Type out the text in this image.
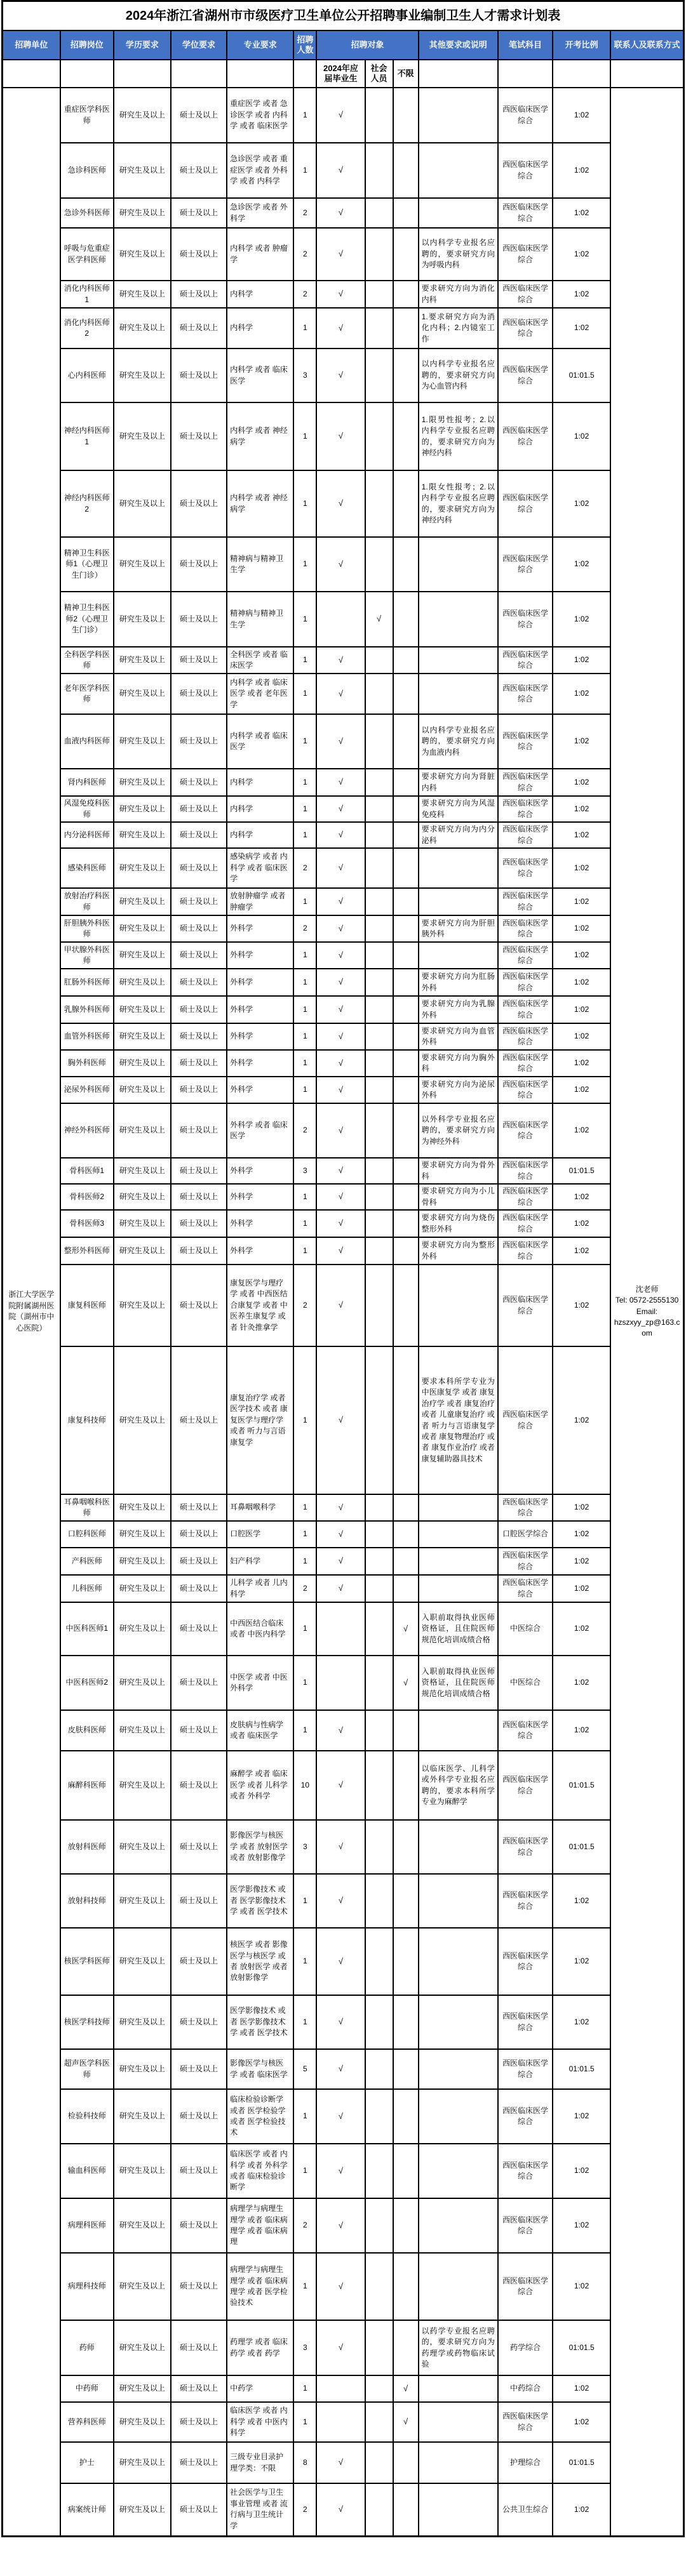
2024年浙江省湖州市市级医疗卫生单位公开招聘事业编制卫生人才需求计划表												
招聘单位	招聘岗位	学历要求	学位要求	专业要求	招聘人数	招聘对象			其他要求或说明	笔试科目	开考比例	联系人及联系方式
						2024年应届毕业生	社会人员	不限				
浙江大学医学院附属湖州医院（湖州市中心医院）	重症医学科医师	研究生及以上	硕士及以上	重症医学 或者 急诊医学 或者 内科学 或者 临床医学	1	√				西医临床医学综合	1:02	沈老师
Tel: 0572-2555130
Email:
hzszxyy_zp@163.com

	急诊科医师	研究生及以上	硕士及以上	急诊医学 或者 重症医学 或者 外科学 或者 内科学	1	√				西医临床医学综合	1:02	
	急诊外科医师	研究生及以上	硕士及以上	急诊医学 或者 外科学	2	√				西医临床医学综合	1:02	
	呼吸与危重症医学科医师	研究生及以上	硕士及以上	内科学 或者 肿瘤学	2	√			以内科学专业报名应聘的，要求研究方向为呼吸内科	西医临床医学综合	1:02	
	消化内科医师1	研究生及以上	硕士及以上	内科学	2	√			要求研究方向为消化内科	西医临床医学综合	1:02	
	消化内科医师2	研究生及以上	硕士及以上	内科学	1	√			1.要求研究方向为消化内科；2.内镜室工作	西医临床医学综合	1:02	
	心内科医师	研究生及以上	硕士及以上	内科学 或者 临床医学	3	√			以内科学专业报名应聘的，要求研究方向为心血管内科	西医临床医学综合	01:01.5	
	神经内科医师1	研究生及以上	硕士及以上	内科学 或者 神经病学	1	√			1.限男性报考；2.以内科学专业报名应聘的，要求研究方向为神经内科	西医临床医学综合	1:02	
	神经内科医师2	研究生及以上	硕士及以上	内科学 或者 神经病学	1	√			1.限女性报考；2.以内科学专业报名应聘的，要求研究方向为神经内科	西医临床医学综合	1:02	
	精神卫生科医师1（心理卫生门诊）	研究生及以上	硕士及以上	精神病与精神卫生学	1	√				西医临床医学综合	1:02	
	精神卫生科医师2（心理卫生门诊）	研究生及以上	硕士及以上	精神病与精神卫生学	1		√			西医临床医学综合	1:02	
	全科医学科医师	研究生及以上	硕士及以上	全科医学 或者 临床医学	1	√				西医临床医学综合	1:02	
	老年医学科医师	研究生及以上	硕士及以上	内科学 或者 临床医学 或者 老年医学	1	√				西医临床医学综合	1:02	
	血液内科医师	研究生及以上	硕士及以上	内科学 或者 临床医学	1	√			以内科学专业报名应聘的，要求研究方向为血液内科	西医临床医学综合	1:02	
	肾内科医师	研究生及以上	硕士及以上	内科学	1	√			要求研究方向为肾脏内科	西医临床医学综合	1:02	
	风湿免疫科医师	研究生及以上	硕士及以上	内科学	1	√			要求研究方向为风湿免疫科	西医临床医学综合	1:02	
	内分泌科医师	研究生及以上	硕士及以上	内科学	1	√			要求研究方向为内分泌科	西医临床医学综合	1:02	
	感染科医师	研究生及以上	硕士及以上	感染病学 或者 内科学 或者 临床医学	2	√				西医临床医学综合	1:02	
	放射治疗科医师	研究生及以上	硕士及以上	放射肿瘤学 或者 肿瘤学	1	√				西医临床医学综合	1:02	
	肝胆胰外科医师	研究生及以上	硕士及以上	外科学	2	√			要求研究方向为肝胆胰外科	西医临床医学综合	1:02	
	甲状腺外科医师	研究生及以上	硕士及以上	外科学	1	√				西医临床医学综合	1:02	
	肛肠外科医师	研究生及以上	硕士及以上	外科学	1	√			要求研究方向为肛肠外科	西医临床医学综合	1:02	
	乳腺外科医师	研究生及以上	硕士及以上	外科学	1	√			要求研究方向为乳腺外科	西医临床医学综合	1:02	
	血管外科医师	研究生及以上	硕士及以上	外科学	1	√			要求研究方向为血管外科	西医临床医学综合	1:02	
	胸外科医师	研究生及以上	硕士及以上	外科学	1	√			要求研究方向为胸外科	西医临床医学综合	1:02	
	泌尿外科医师	研究生及以上	硕士及以上	外科学	1	√			要求研究方向为泌尿外科	西医临床医学综合	1:02	
	神经外科医师	研究生及以上	硕士及以上	外科学 或者 临床医学	2	√			以外科学专业报名应聘的，要求研究方向为神经外科	西医临床医学综合	1:02	
	骨科医师1	研究生及以上	硕士及以上	外科学	3	√			要求研究方向为骨外科	西医临床医学综合	01:01.5	
	骨科医师2	研究生及以上	硕士及以上	外科学	1	√			要求研究方向为小儿骨科	西医临床医学综合	1:02	
	骨科医师3	研究生及以上	硕士及以上	外科学	1	√			要求研究方向为烧伤整形外科	西医临床医学综合	1:02	
	整形外科医师	研究生及以上	硕士及以上	外科学	1	√			要求研究方向为整形外科	西医临床医学综合	1:02	
	康复科医师	研究生及以上	硕士及以上	康复医学与理疗学 或者 中西医结合康复学 或者 中医养生康复学 或者 针灸推拿学	2	√				西医临床医学综合	1:02	
	康复科技师	研究生及以上	硕士及以上	康复治疗学 或者 医学技术 或者 康复医学与理疗学 或者 听力与言语康复学	1	√			要求本科所学专业为中医康复学 或者 康复治疗学 或者 康复治疗 或者 儿童康复治疗 或者 听力与言语康复学 或者 康复物理治疗 或者 康复作业治疗 或者 康复辅助器具技术	西医临床医学综合	1:02	
	耳鼻咽喉科医师	研究生及以上	硕士及以上	耳鼻咽喉科学	1	√				西医临床医学综合	1:02	
	口腔科医师	研究生及以上	硕士及以上	口腔医学	1	√				口腔医学综合	1:02	
	产科医师	研究生及以上	硕士及以上	妇产科学	1	√				西医临床医学综合	1:02	
	儿科医师	研究生及以上	硕士及以上	儿科学 或者 儿内科学	2	√				西医临床医学综合	1:02	
	中医科医师1	研究生及以上	硕士及以上	中西医结合临床 或者 中医内科学	1			√	入职前取得执业医师资格证，且住院医师规范化培训成绩合格	中医综合	1:02	
	中医科医师2	研究生及以上	硕士及以上	中医学 或者 中医外科学	1			√	入职前取得执业医师资格证，且住院医师规范化培训成绩合格	中医综合	1:02	
	皮肤科医师	研究生及以上	硕士及以上	皮肤病与性病学 或者 临床医学	1	√				西医临床医学综合	1:02	
	麻醉科医师	研究生及以上	硕士及以上	麻醉学 或者 临床医学 或者 儿科学 或者 外科学	10	√			以临床医学、儿科学或外科学专业报名应聘的，要求本科所学专业为麻醉学	西医临床医学综合	01:01.5	
	放射科医师	研究生及以上	硕士及以上	影像医学与核医学 或者 放射医学 或者 放射影像学	3	√				西医临床医学综合	01:01.5	
	放射科技师	研究生及以上	硕士及以上	医学影像技术 或者 医学影像技术学 或者 医学技术	1	√				西医临床医学综合	1:02	
	核医学科医师	研究生及以上	硕士及以上	核医学 或者 影像医学与核医学 或者 放射医学 或者 放射影像学	1	√				西医临床医学综合	1:02	
	核医学科技师	研究生及以上	硕士及以上	医学影像技术 或者 医学影像技术学 或者 医学技术	1	√				西医临床医学综合	1:02	
	超声医学科医师	研究生及以上	硕士及以上	影像医学与核医学 或者 临床医学	5	√				西医临床医学综合	01:01.5	
	检验科技师	研究生及以上	硕士及以上	临床检验诊断学 或者 医学检验学 或者 医学检验技术	1	√				西医临床医学综合	1:02	
	输血科医师	研究生及以上	硕士及以上	临床医学 或者 内科学 或者 外科学 或者 临床检验诊断学	1	√				西医临床医学综合	1:02	
	病理科医师	研究生及以上	硕士及以上	病理学与病理生理学 或者 临床病理学 或者 临床病理	2	√				西医临床医学综合	1:02	
	病理科技师	研究生及以上	硕士及以上	病理学与病理生理学 或者 临床病理学 或者 医学检验技术	1	√				西医临床医学综合	1:02	
	药师	研究生及以上	硕士及以上	药理学 或者 临床药学 或者 药学	3	√			以药学专业报名应聘的，要求研究方向为药理学或药物临床试验	药学综合	01:01.5	
	中药师	研究生及以上	硕士及以上	中药学	1			√		中药综合	1:02	
	营养科医师	研究生及以上	硕士及以上	临床医学 或者 内科学 或者 中医内科学	1			√		西医临床医学综合	1:02	
	护士	研究生及以上	硕士及以上	三级专业目录护理学类：不限	8	√				护理综合	01:01.5	
	病案统计师	研究生及以上	硕士及以上	社会医学与卫生事业管理 或者 流行病与卫生统计学	2	√				公共卫生综合	1:02	
